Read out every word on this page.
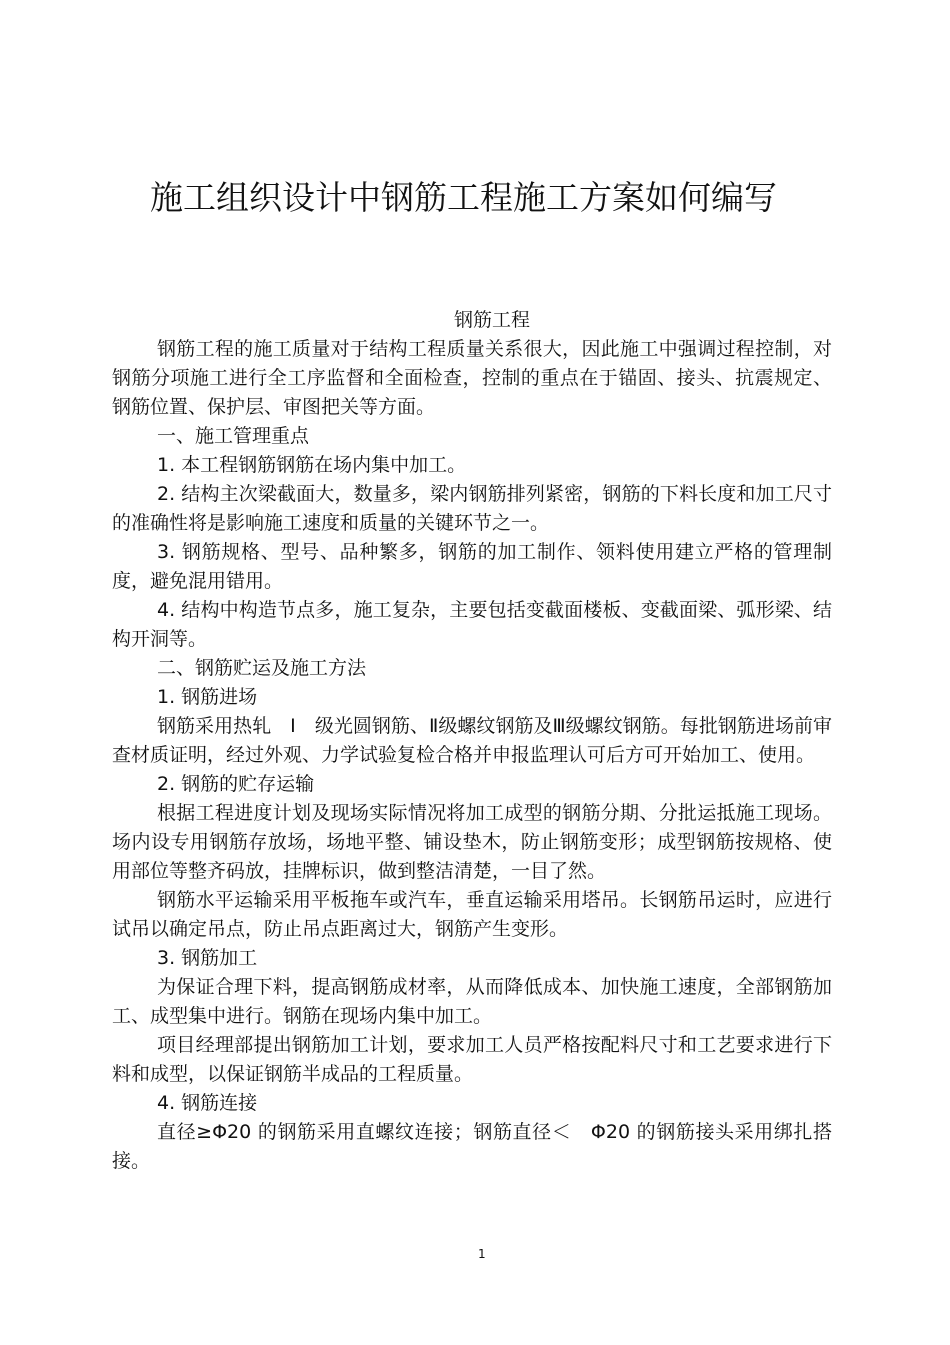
施工组织设计中钢筋工程施工方案如何编写

钢筋工程

钢筋工程的施工质量对于结构工程质量关系很大，因此施工中强调过程控制，对钢筋分项施工进行全工序监督和全面检查，控制的重点在于锚固、接头、抗震规定、钢筋位置、保护层、审图把关等方面。

一、施工管理重点

1. 本工程钢筋钢筋在场内集中加工。

2. 结构主次梁截面大，数量多，梁内钢筋排列紧密，钢筋的下料长度和加工尺寸的准确性将是影响施工速度和质量的关键环节之一。

3. 钢筋规格、型号、品种繁多，钢筋的加工制作、领料使用建立严格的管理制度，避免混用错用。

4. 结构中构造节点多，施工复杂，主要包括变截面楼板、变截面梁、弧形梁、结构开洞等。

二、钢筋贮运及施工方法

1. 钢筋进场

钢筋采用热轧　Ⅰ　级光圆钢筋、Ⅱ级螺纹钢筋及Ⅲ级螺纹钢筋。每批钢筋进场前审查材质证明，经过外观、力学试验复检合格并申报监理认可后方可开始加工、使用。

2. 钢筋的贮存运输

根据工程进度计划及现场实际情况将加工成型的钢筋分期、分批运抵施工现场。场内设专用钢筋存放场，场地平整、铺设垫木，防止钢筋变形；成型钢筋按规格、使用部位等整齐码放，挂牌标识，做到整洁清楚，一目了然。

钢筋水平运输采用平板拖车或汽车，垂直运输采用塔吊。长钢筋吊运时，应进行试吊以确定吊点，防止吊点距离过大，钢筋产生变形。

3. 钢筋加工

为保证合理下料，提高钢筋成材率，从而降低成本、加快施工速度，全部钢筋加工、成型集中进行。钢筋在现场内集中加工。

项目经理部提出钢筋加工计划，要求加工人员严格按配料尺寸和工艺要求进行下料和成型，以保证钢筋半成品的工程质量。

4. 钢筋连接

直径≥Φ20 的钢筋采用直螺纹连接；钢筋直径＜　Φ20 的钢筋接头采用绑扎搭接。

1
